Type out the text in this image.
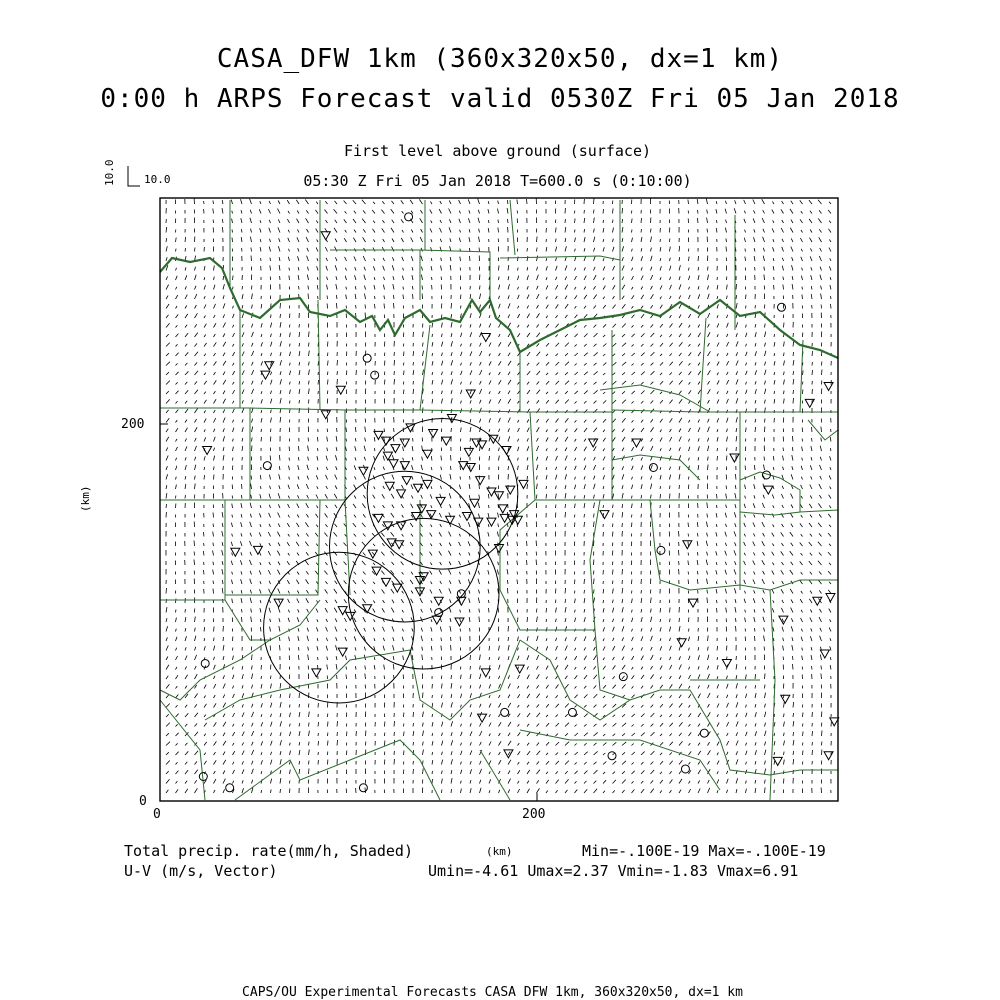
CASA_DFW 1km (360x320x50, dx=1 km)
0:00 h ARPS Forecast valid 0530Z Fri 05 Jan 2018
First level above ground (surface)
05:30 Z Fri 05 Jan 2018 T=600.0 s (0:10:00)
10.0
10.0
(km)
(km)
0	200
0
200
Total precip. rate(mm/h, Shaded)
U-V (m/s, Vector)
Min=-.100E-19 Max=-.100E-19
Umin=-4.61 Umax=2.37 Vmin=-1.83 Vmax=6.91
CAPS/OU Experimental Forecasts CASA DFW 1km, 360x320x50, dx=1 km
